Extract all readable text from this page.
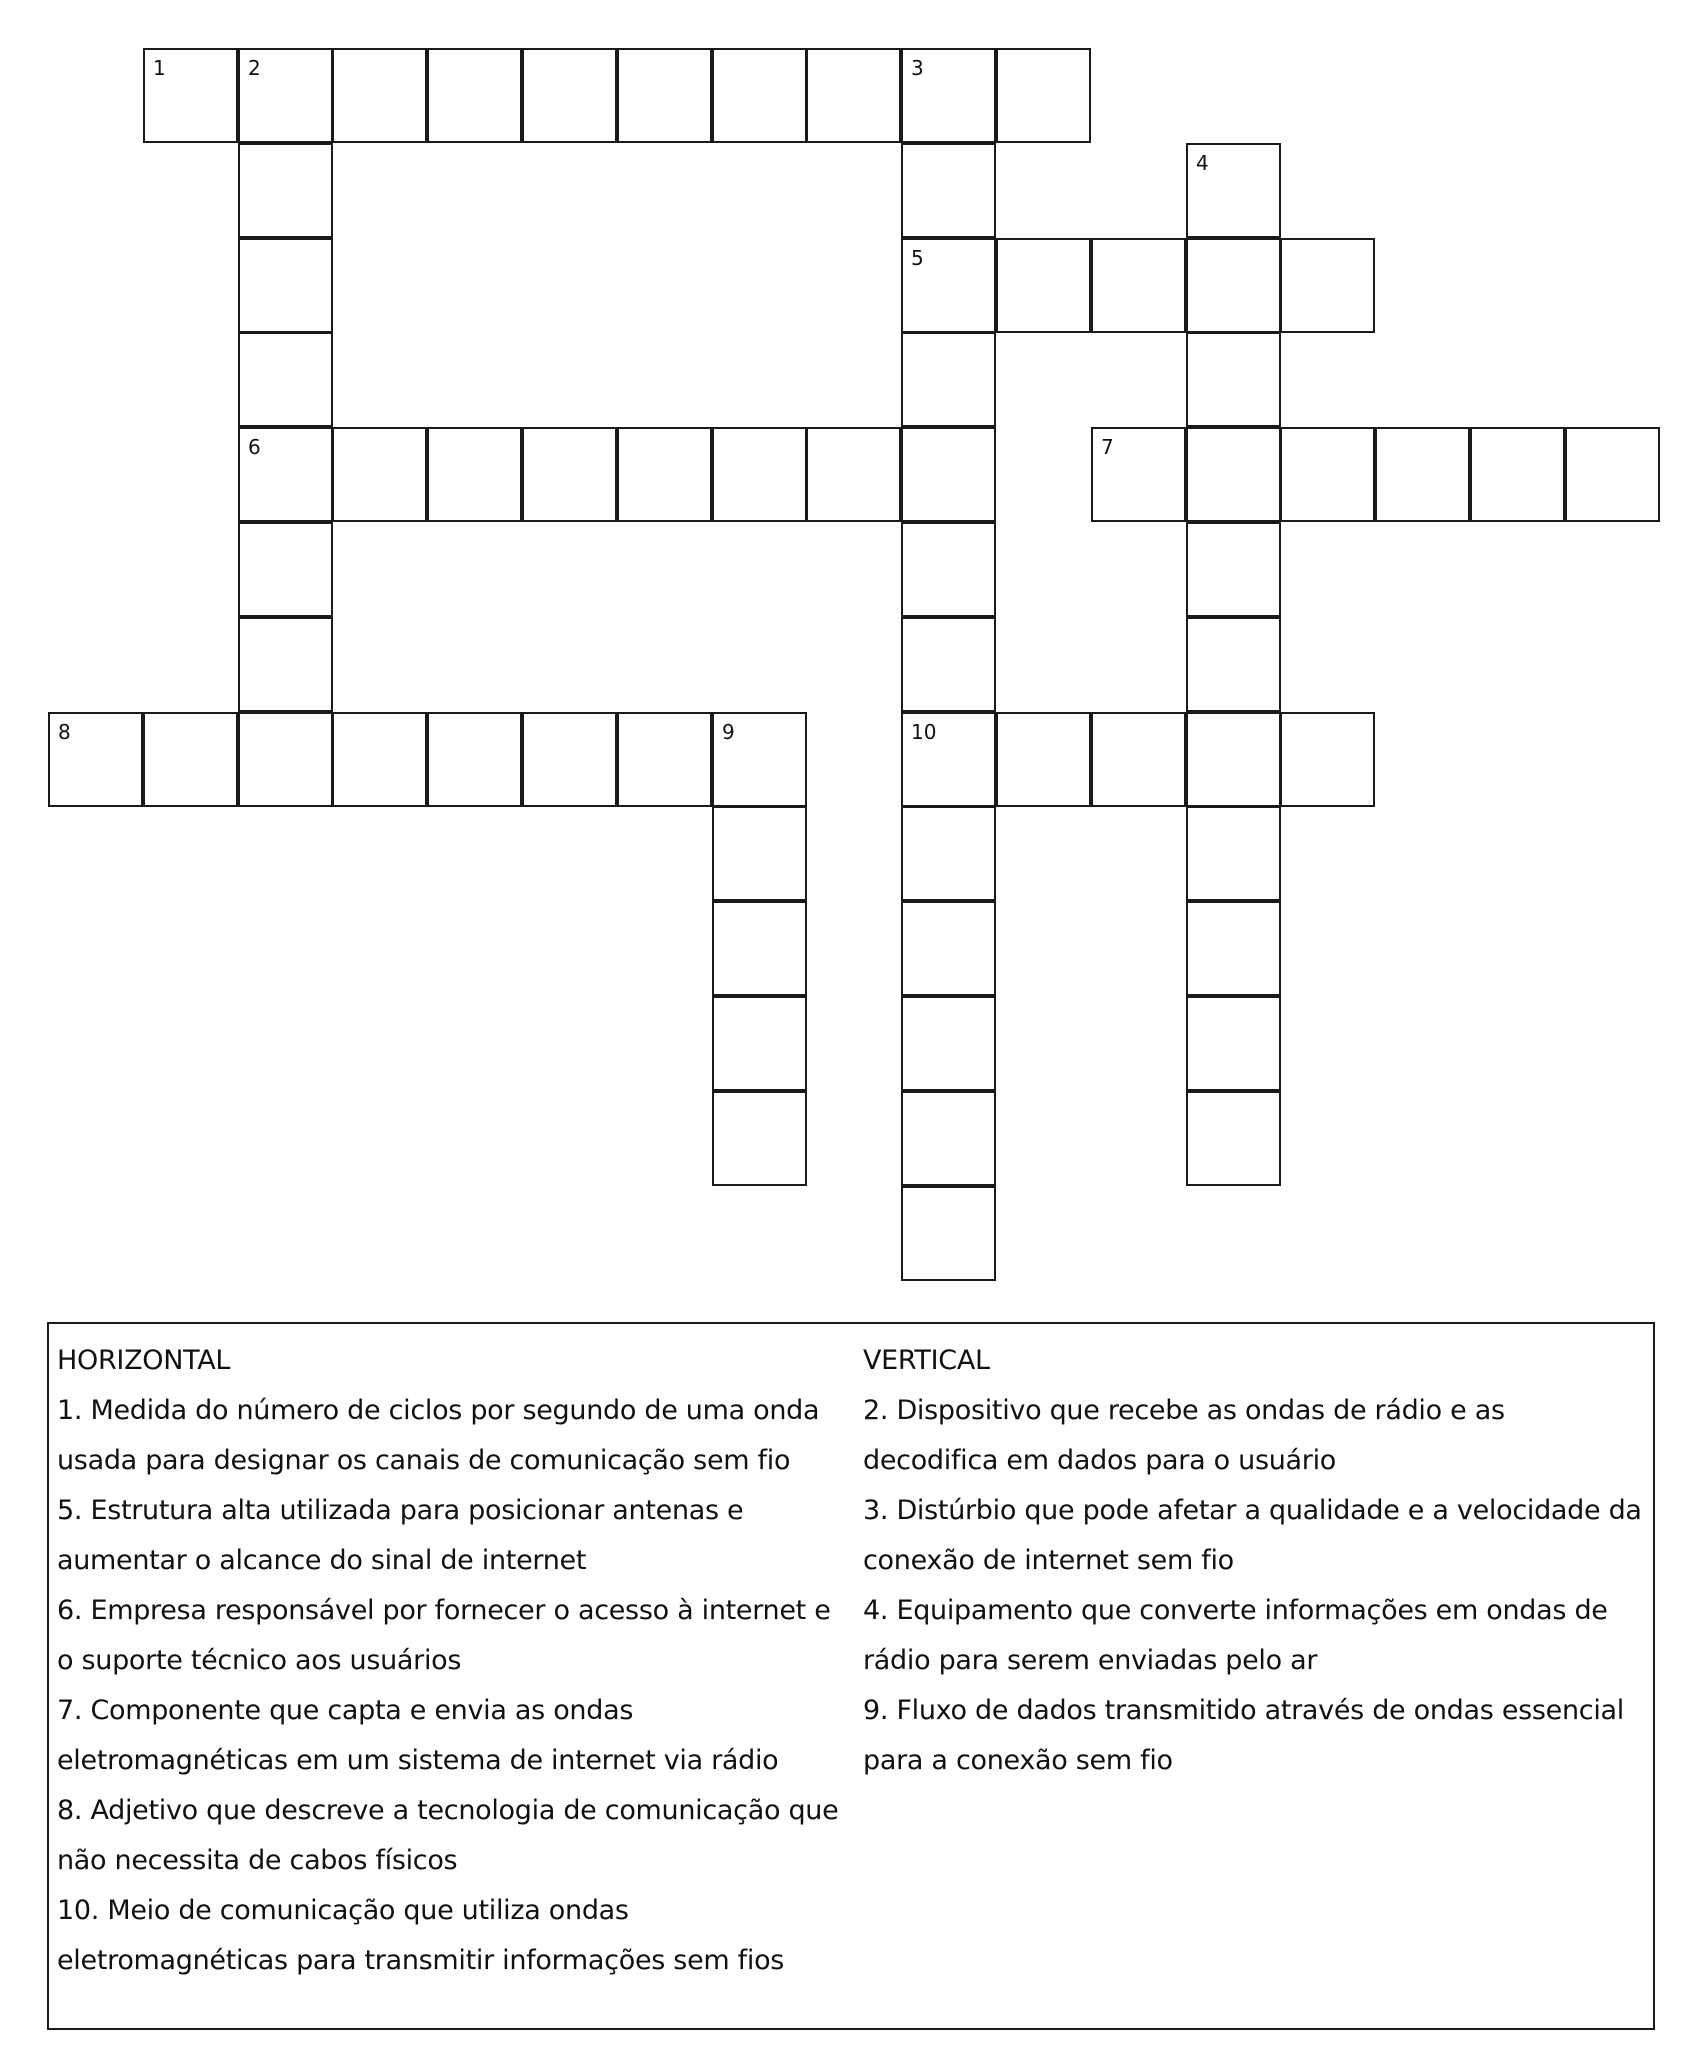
1	2	3
4
5
6	7
8	9	10
HORIZONTAL
1. Medida do número de ciclos por segundo de uma onda
usada para designar os canais de comunicação sem fio
5. Estrutura alta utilizada para posicionar antenas e
aumentar o alcance do sinal de internet
6. Empresa responsável por fornecer o acesso à internet e
o suporte técnico aos usuários
7. Componente que capta e envia as ondas
eletromagnéticas em um sistema de internet via rádio
8. Adjetivo que descreve a tecnologia de comunicação que
não necessita de cabos físicos
10. Meio de comunicação que utiliza ondas
eletromagnéticas para transmitir informações sem fios
VERTICAL
2. Dispositivo que recebe as ondas de rádio e as
decodifica em dados para o usuário
3. Distúrbio que pode afetar a qualidade e a velocidade da
conexão de internet sem fio
4. Equipamento que converte informações em ondas de
rádio para serem enviadas pelo ar
9. Fluxo de dados transmitido através de ondas essencial
para a conexão sem fio
